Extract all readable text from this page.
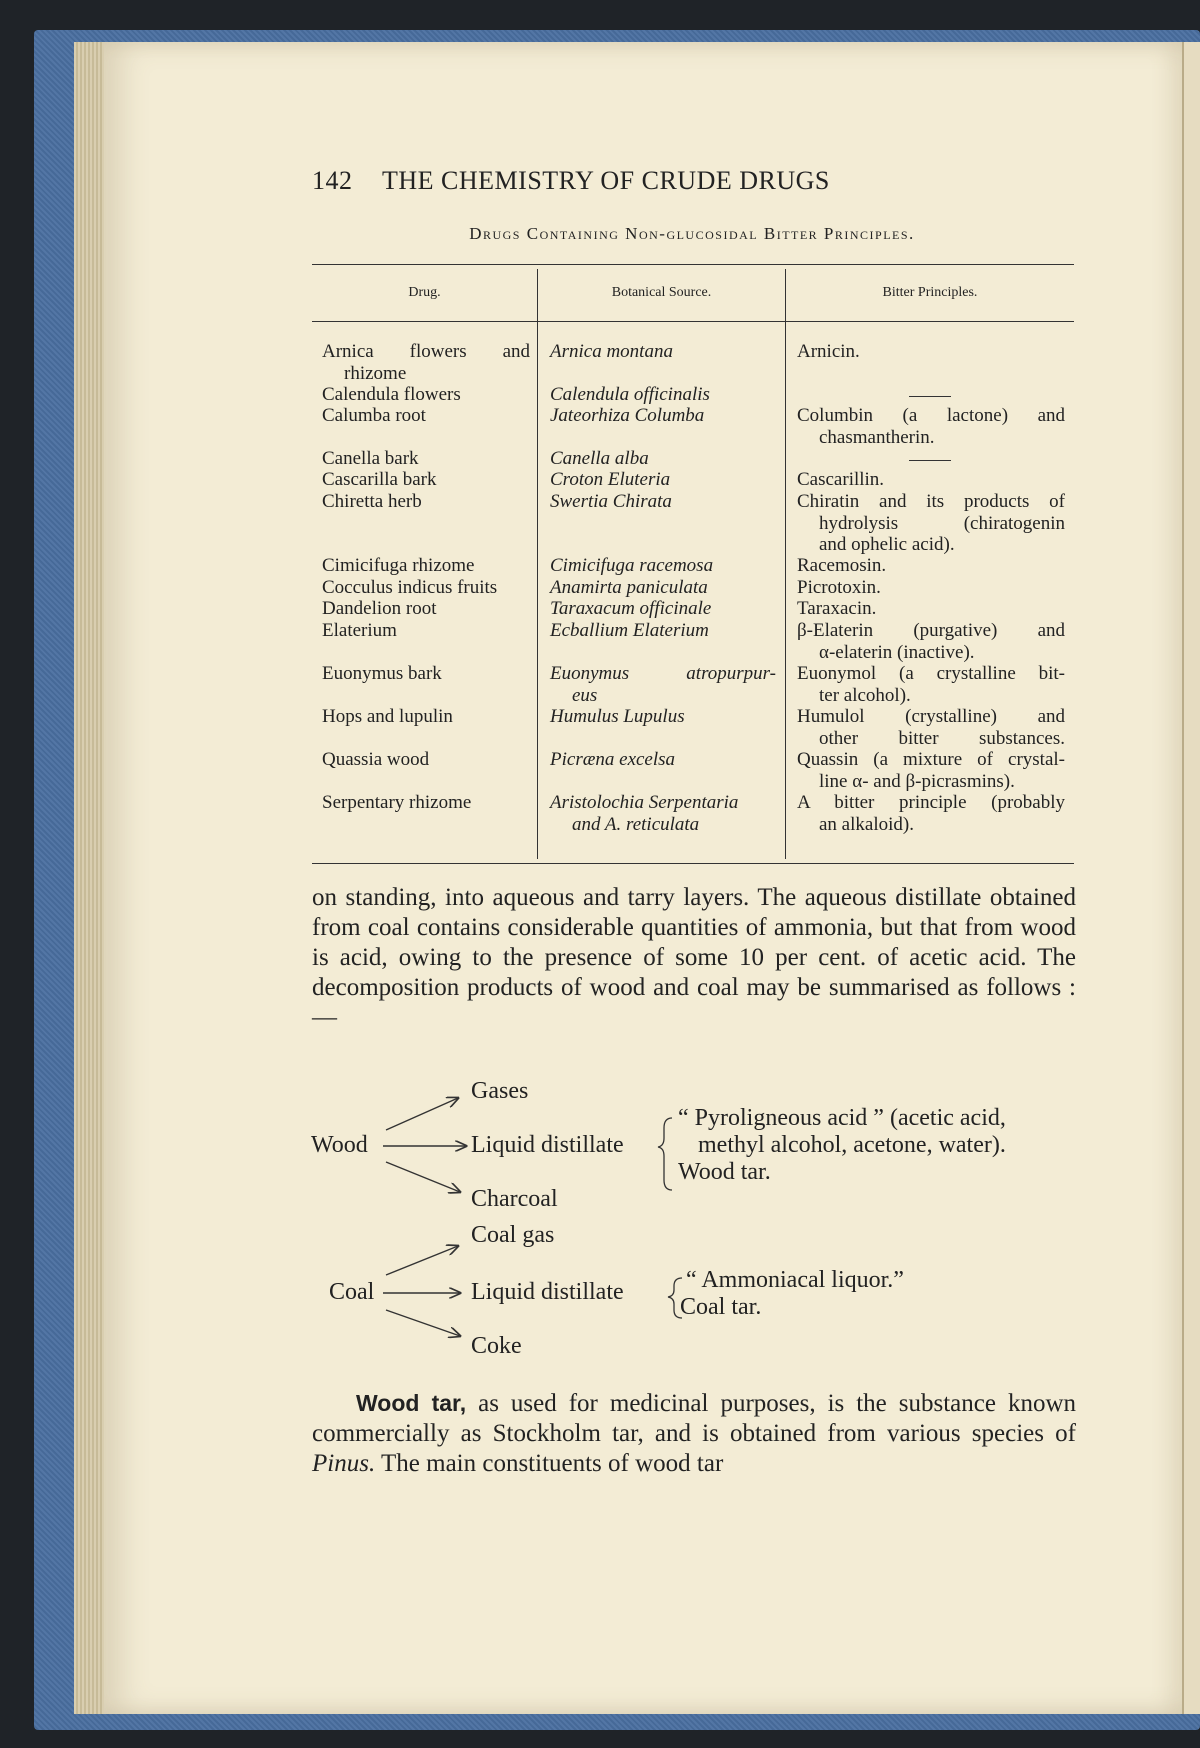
142 THE CHEMISTRY OF CRUDE DRUGS
Drugs Containing Non-glucosidal Bitter Principles.
Drug.	Botanical Source.	Bitter Principles.
Arnica flowers and
rhizome
Calendula flowers
Calumba root
Canella bark
Cascarilla bark
Chiretta herb
Cimicifuga rhizome
Cocculus indicus fruits
Dandelion root
Elaterium
Euonymus bark
Hops and lupulin
Quassia wood
Serpentary rhizome
Arnica montana
Calendula officinalis
Jateorhiza Columba
Canella alba
Croton Eluteria
Swertia Chirata
Cimicifuga racemosa
Anamirta paniculata
Taraxacum officinale
Ecballium Elaterium
Euonymus atropurpur-
eus
Humulus Lupulus
Picræna excelsa
Aristolochia Serpentaria
and A. reticulata
Arnicin.
Columbin (a lactone) and
chasmantherin.
Cascarillin.
Chiratin and its products of
hydrolysis (chiratogenin
and ophelic acid).
Racemosin.
Picrotoxin.
Taraxacin.
β-Elaterin (purgative) and
α-elaterin (inactive).
Euonymol (a crystalline bit-
ter alcohol).
Humulol (crystalline) and
other bitter substances.
Quassin (a mixture of crystal-
line α- and β-picrasmins).
A bitter principle (probably
an alkaloid).
on standing, into aqueous and tarry layers. The aqueous distillate obtained from coal contains considerable quantities of ammonia, but that from wood is acid, owing to the presence of some 10 per cent. of acetic acid. The decomposition products of wood and coal may be summarised as follows :—
Wood
Gases
Liquid distillate
Charcoal
“ Pyroligneous acid ” (acetic acid,
methyl alcohol, acetone, water).
Wood tar.
Coal
Coal gas
Liquid distillate
Coke
“ Ammoniacal liquor.”
Coal tar.
Wood tar, as used for medicinal purposes, is the substance known commercially as Stockholm tar, and is obtained from various species of Pinus. The main constituents of wood tar
